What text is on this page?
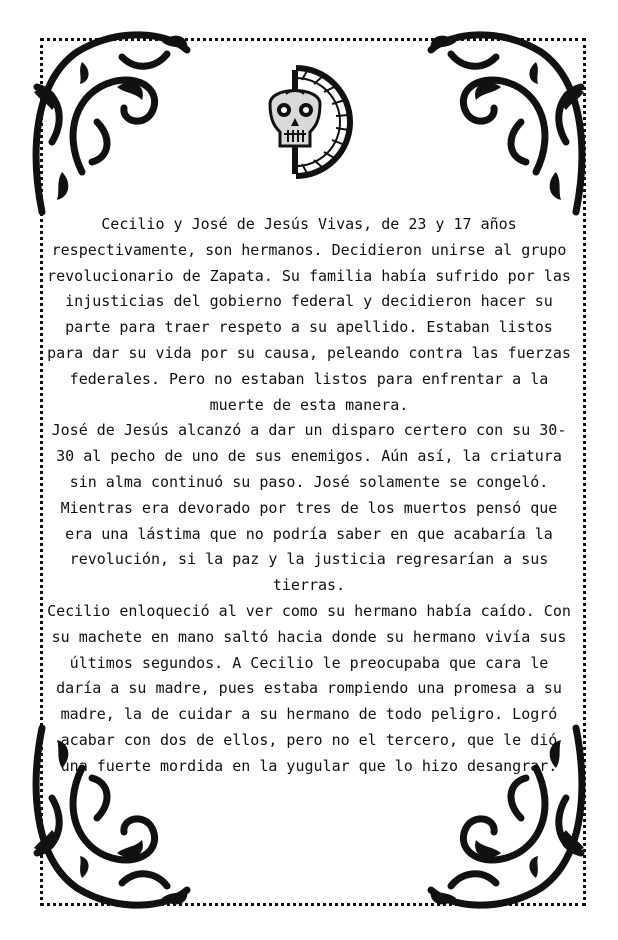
Cecilio y José de Jesús Vivas, de 23 y 17 años respectivamente, son hermanos. Decidieron unirse al grupo revolucionario de Zapata. Su familia había sufrido por las injusticias del gobierno federal y decidieron hacer su parte para traer respeto a su apellido. Estaban listos para dar su vida por su causa, peleando contra las fuerzas federales. Pero no estaban listos para enfrentar a la muerte de esta manera.

José de Jesús alcanzó a dar un disparo certero con su 30-30 al pecho de uno de sus enemigos. Aún así, la criatura sin alma continuó su paso. José solamente se congeló. Mientras era devorado por tres de los muertos pensó que era una lástima que no podría saber en que acabaría la revolución, si la paz y la justicia regresarían a sus tierras.

Cecilio enloqueció al ver como su hermano había caído. Con su machete en mano saltó hacia donde su hermano vivía sus últimos segundos. A Cecilio le preocupaba que cara le daría a su madre, pues estaba rompiendo una promesa a su madre, la de cuidar a su hermano de todo peligro. Logró acabar con dos de ellos, pero no el tercero, que le dió una fuerte mordida en la yugular que lo hizo desangrar.
